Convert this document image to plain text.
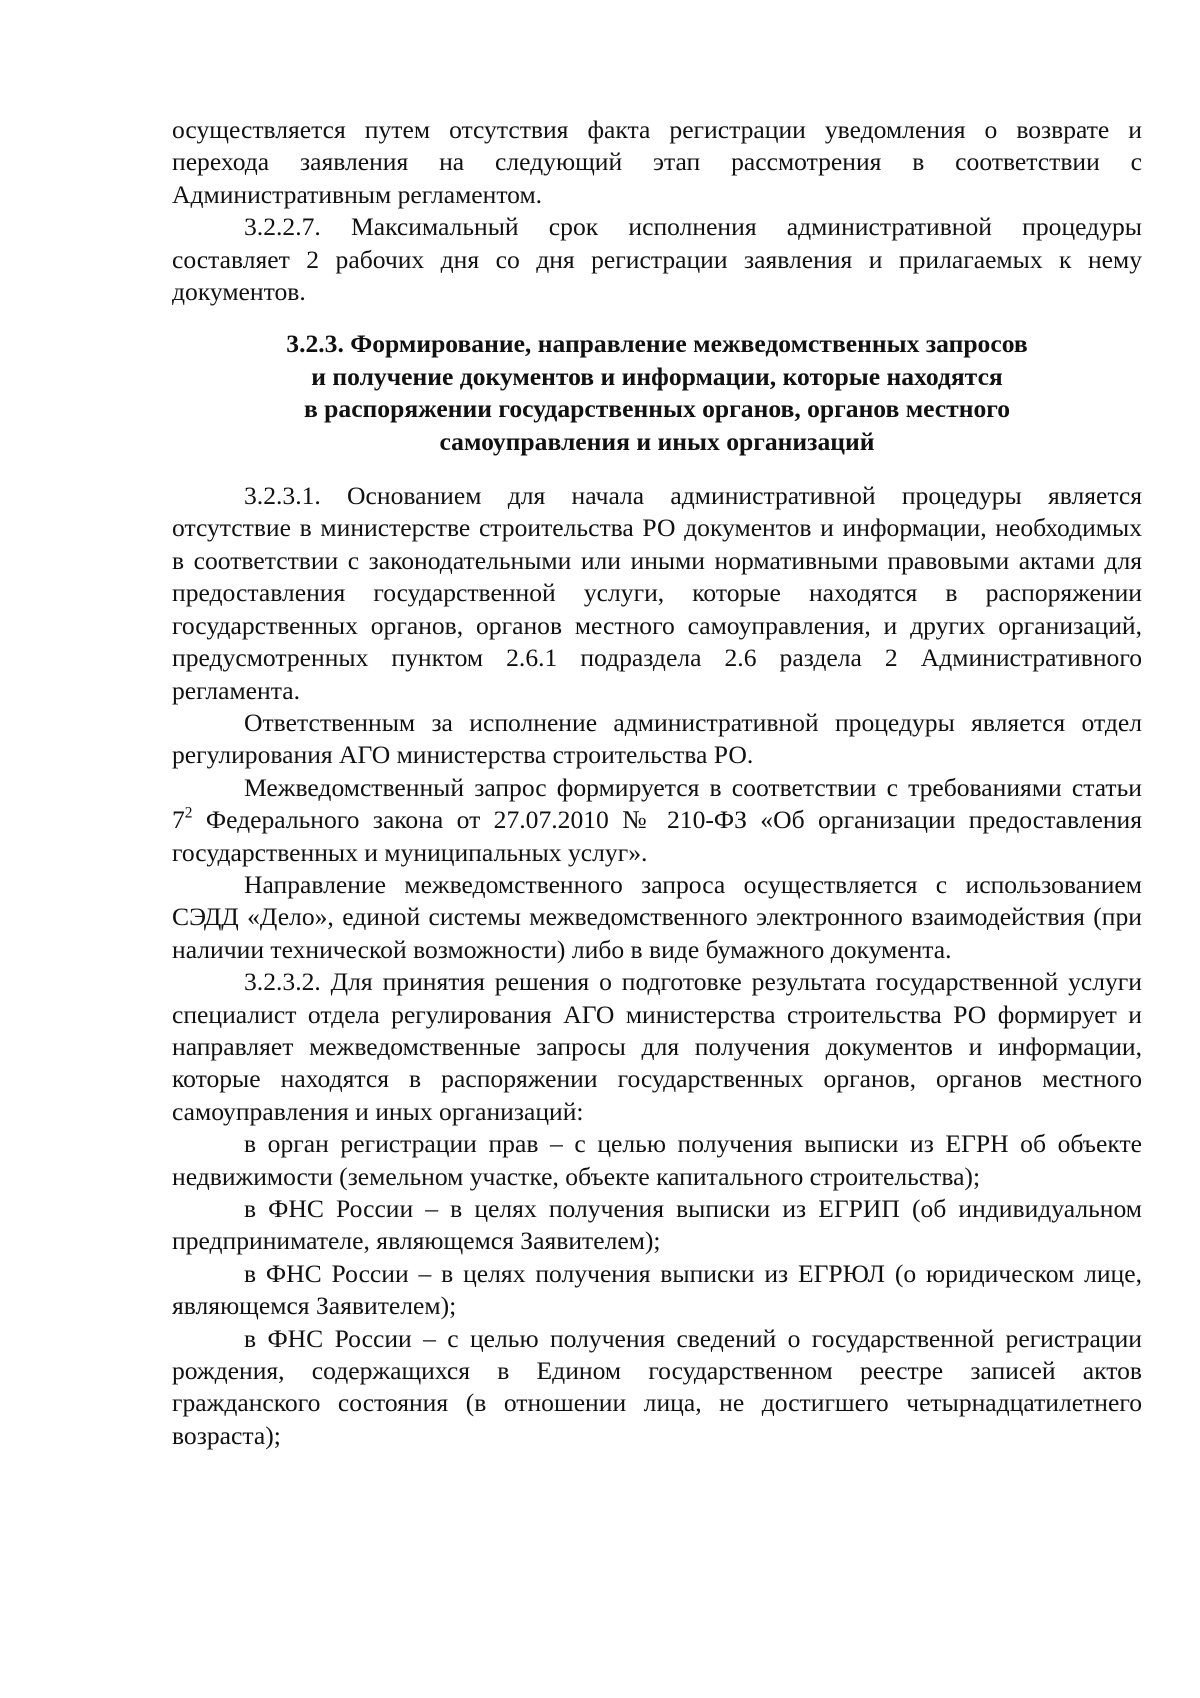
осуществляется путем отсутствия факта регистрации уведомления о возврате и перехода заявления на следующий этап рассмотрения в соответствии с Административным регламентом.

3.2.2.7. Максимальный срок исполнения административной процедуры составляет 2 рабочих дня со дня регистрации заявления и прилагаемых к нему документов.

3.2.3. Формирование, направление межведомственных запросов
и получение документов и информации, которые находятся
в распоряжении государственных органов, органов местного
самоуправления и иных организаций

3.2.3.1. Основанием для начала административной процедуры является отсутствие в министерстве строительства РО документов и информации, необходимых в соответствии с законодательными или иными нормативными правовыми актами для предоставления государственной услуги, которые находятся в распоряжении государственных органов, органов местного самоуправления, и других организаций, предусмотренных пунктом 2.6.1 подраздела 2.6 раздела 2 Административного регламента.

Ответственным за исполнение административной процедуры является отдел регулирования АГО министерства строительства РО.

Межведомственный запрос формируется в соответствии с требованиями статьи $7^2$ Федерального закона от 27.07.2010 № 210-ФЗ «Об организации предоставления государственных и муниципальных услуг».

Направление межведомственного запроса осуществляется с использованием СЭДД «Дело», единой системы межведомственного электронного взаимодействия (при наличии технической возможности) либо в виде бумажного документа.

3.2.3.2. Для принятия решения о подготовке результата государственной услуги специалист отдела регулирования АГО министерства строительства РО формирует и направляет межведомственные запросы для получения документов и информации, которые находятся в распоряжении государственных органов, органов местного самоуправления и иных организаций:

в орган регистрации прав – с целью получения выписки из ЕГРН об объекте недвижимости (земельном участке, объекте капитального строительства);

в ФНС России – в целях получения выписки из ЕГРИП (об индивидуальном предпринимателе, являющемся Заявителем);

в ФНС России – в целях получения выписки из ЕГРЮЛ (о юридическом лице, являющемся Заявителем);

в ФНС России – с целью получения сведений о государственной регистрации рождения, содержащихся в Едином государственном реестре записей актов гражданского состояния (в отношении лица, не достигшего четырнадцатилетнего возраста);
